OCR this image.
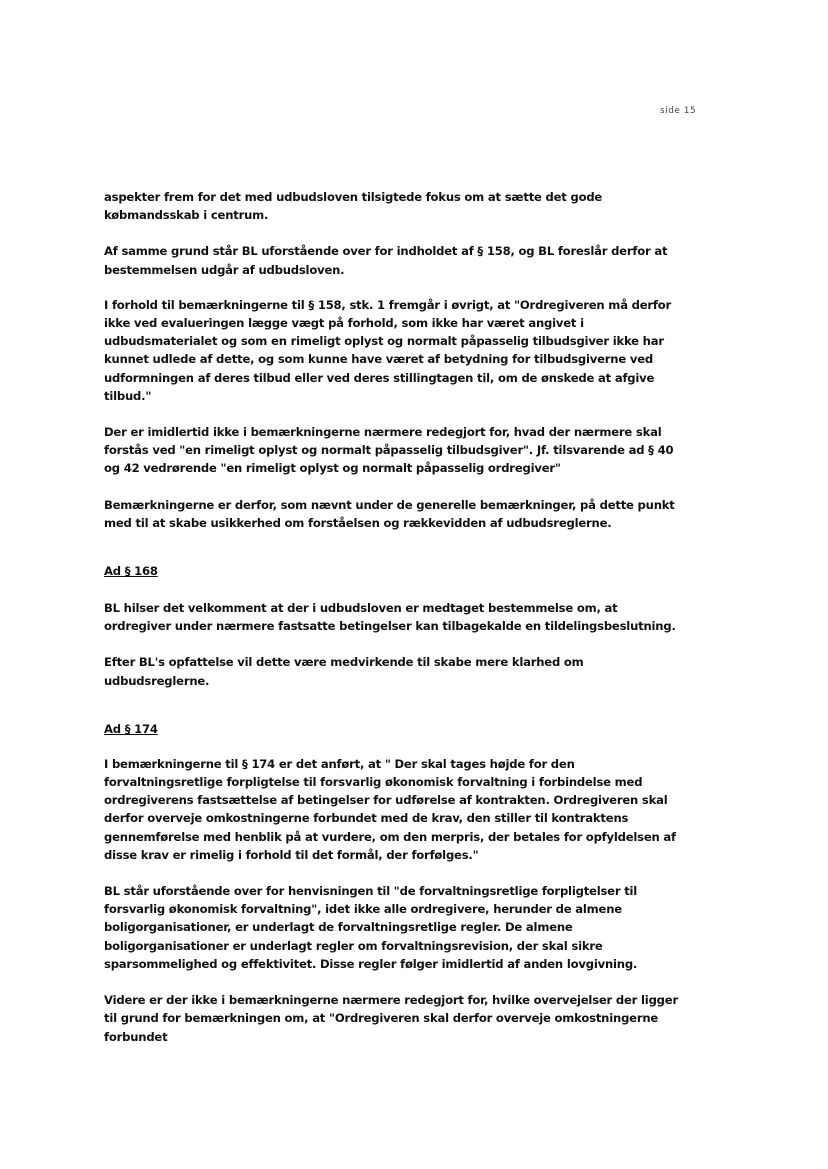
side 15

aspekter frem for det med udbudsloven tilsigtede fokus om at sætte det gode købmandsskab i centrum.

Af samme grund står BL uforstående over for indholdet af § 158, og BL foreslår derfor at bestemmelsen udgår af udbudsloven.

I forhold til bemærkningerne til § 158, stk. 1 fremgår i øvrigt, at "Ordregiveren må derfor ikke ved evalueringen lægge vægt på forhold, som ikke har været angivet i udbudsmaterialet og som en rimeligt oplyst og normalt påpasselig tilbudsgiver ikke har kunnet udlede af dette, og som kunne have været af betydning for tilbudsgiverne ved udformningen af deres tilbud eller ved deres stillingtagen til, om de ønskede at afgive tilbud."

Der er imidlertid ikke i bemærkningerne nærmere redegjort for, hvad der nærmere skal forstås ved "en rimeligt oplyst og normalt påpasselig tilbudsgiver". Jf. tilsvarende ad § 40 og 42 vedrørende "en rimeligt oplyst og normalt påpasselig ordregiver"

Bemærkningerne er derfor, som nævnt under de generelle bemærkninger, på dette punkt med til at skabe usikkerhed om forståelsen og rækkevidden af udbudsreglerne.

Ad § 168

BL hilser det velkomment at der i udbudsloven er medtaget bestemmelse om, at ordregiver under nærmere fastsatte betingelser kan tilbagekalde en tildelingsbeslutning.

Efter BL's opfattelse vil dette være medvirkende til skabe mere klarhed om udbudsreglerne.

Ad § 174

I bemærkningerne til § 174 er det anført, at " Der skal tages højde for den forvaltningsretlige forpligtelse til forsvarlig økonomisk forvaltning i forbindelse med ordregiverens fastsættelse af betingelser for udførelse af kontrakten. Ordregiveren skal derfor overveje omkostningerne forbundet med de krav, den stiller til kontraktens gennemførelse med henblik på at vurdere, om den merpris, der betales for opfyldelsen af disse krav er rimelig i forhold til det formål, der forfølges."

BL står uforstående over for henvisningen til "de forvaltningsretlige forpligtelser til forsvarlig økonomisk forvaltning", idet ikke alle ordregivere, herunder de almene boligorganisationer, er underlagt de forvaltningsretlige regler. De almene boligorganisationer er underlagt regler om forvaltningsrevision, der skal sikre sparsommelighed og effektivitet. Disse regler følger imidlertid af anden lovgivning.

Videre er der ikke i bemærkningerne nærmere redegjort for, hvilke overvejelser der ligger til grund for bemærkningen om, at "Ordregiveren skal derfor overveje omkostningerne forbundet
